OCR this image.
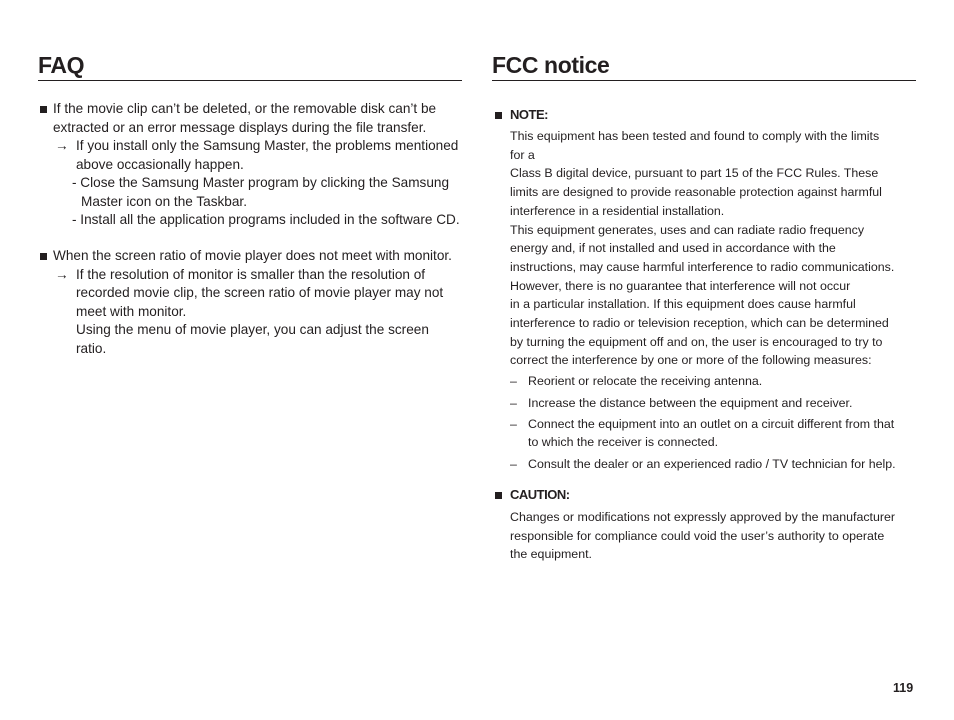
FAQ

If the movie clip can’t be deleted, or the removable disk can’t be

extracted or an error message displays during the file transfer.

→ If you install only the Samsung Master, the problems mentioned

above occasionally happen.

- Close the Samsung Master program by clicking the Samsung

Master icon on the Taskbar.

- Install all the application programs included in the software CD.

When the screen ratio of movie player does not meet with monitor.

→ If the resolution of monitor is smaller than the resolution of

recorded movie clip, the screen ratio of movie player may not

meet with monitor.

Using the menu of movie player, you can adjust the screen

ratio.

FCC notice

NOTE:

This equipment has been tested and found to comply with the limits

for a

Class B digital device, pursuant to part 15 of the FCC Rules. These

limits are designed to provide reasonable protection against harmful

interference in a residential installation.

This equipment generates, uses and can radiate radio frequency

energy and, if not installed and used in accordance with the

instructions, may cause harmful interference to radio communications.

However, there is no guarantee that interference will not occur

in a particular installation. If this equipment does cause harmful

interference to radio or television reception, which can be determined

by turning the equipment off and on, the user is encouraged to try to

correct the interference by one or more of the following measures:

– Reorient or relocate the receiving antenna.

– Increase the distance between the equipment and receiver.

– Connect the equipment into an outlet on a circuit different from that

to which the receiver is connected.

– Consult the dealer or an experienced radio / TV technician for help.

CAUTION:

Changes or modifications not expressly approved by the manufacturer

responsible for compliance could void the user’s authority to operate

the equipment.

119
